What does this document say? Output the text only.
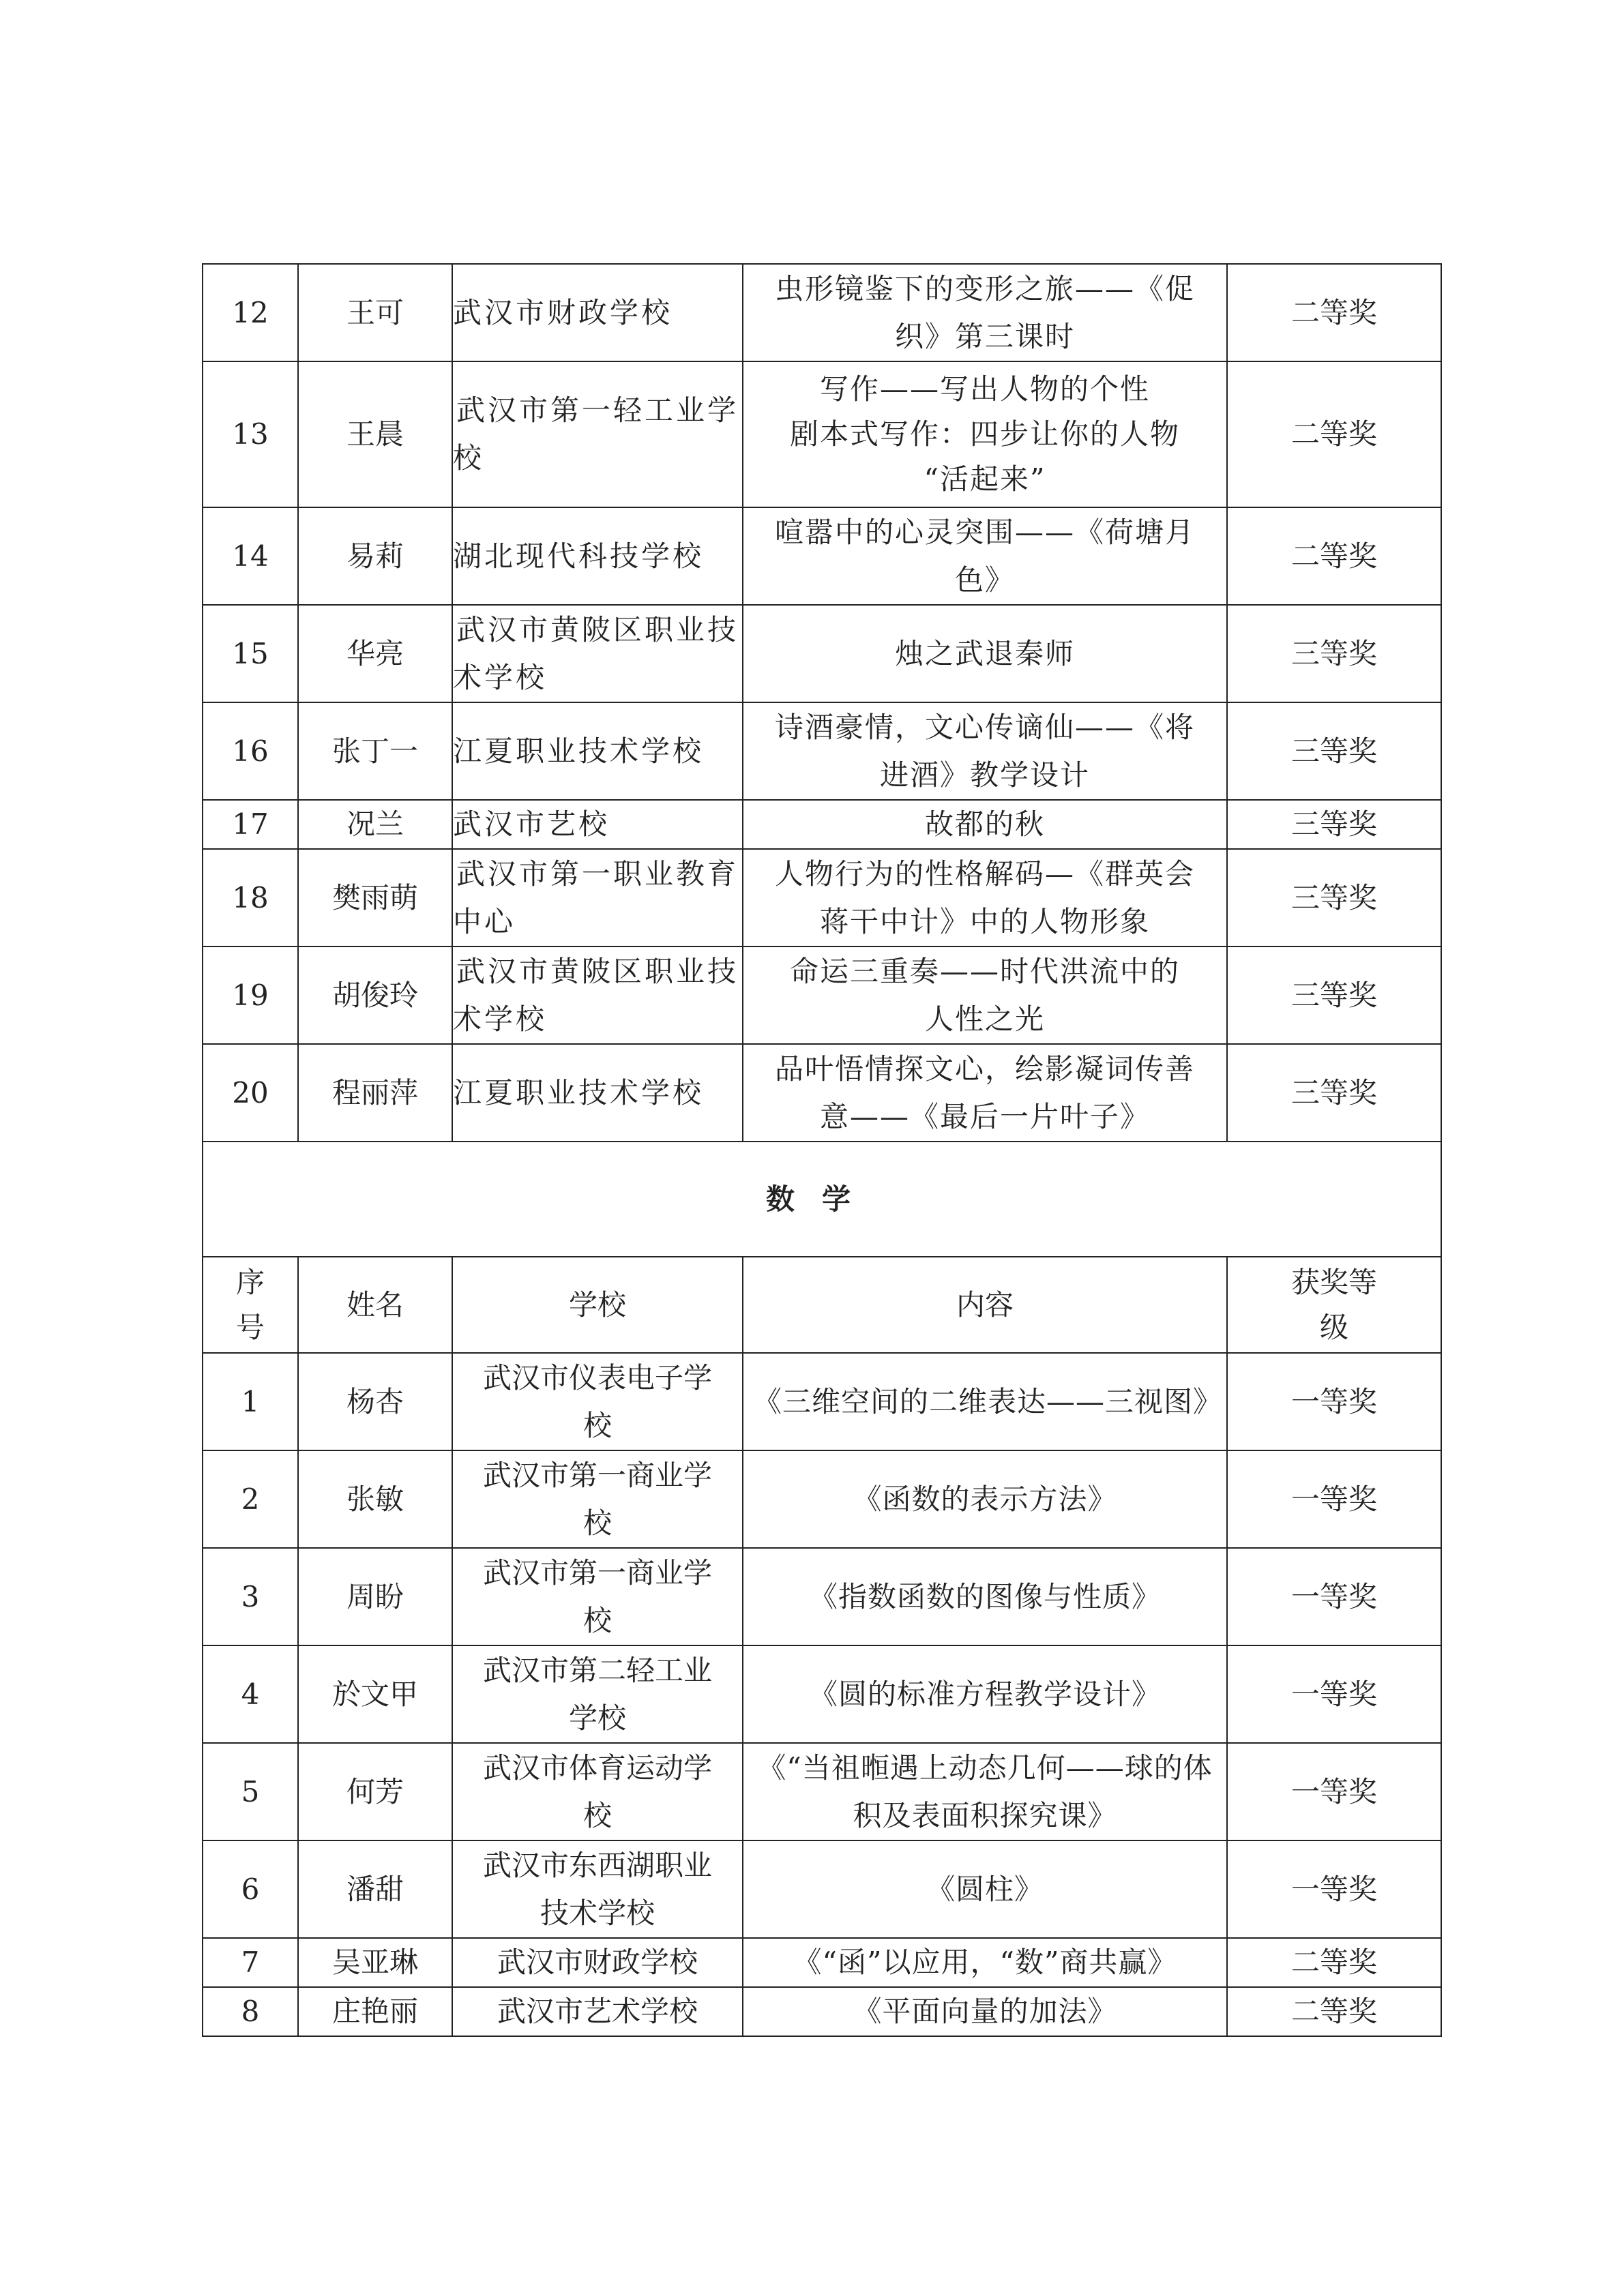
12	王可	武汉市财政学校	虫形镜鉴下的变形之旅——《促
织》第三课时	二等奖
13	王晨	武汉市第一轻工业学校	写作——写出人物的个性
剧本式写作：四步让你的人物
“活起来”	二等奖
14	易莉	湖北现代科技学校	喧嚣中的心灵突围——《荷塘月
色》	二等奖
15	华亮	武汉市黄陂区职业技术学校	烛之武退秦师	三等奖
16	张丁一	江夏职业技术学校	诗酒豪情，文心传谪仙——《将
进酒》教学设计	三等奖
17	况兰	武汉市艺校	故都的秋	三等奖
18	樊雨萌	武汉市第一职业教育中心	人物行为的性格解码—《群英会
蒋干中计》中的人物形象	三等奖
19	胡俊玲	武汉市黄陂区职业技术学校	命运三重奏——时代洪流中的
人性之光	三等奖
20	程丽萍	江夏职业技术学校	品叶悟情探文心，绘影凝词传善
意——《最后一片叶子》	三等奖
数学				
序号	姓名	学校	内容	获奖等级
1	杨杏	武汉市仪表电子学校	《三维空间的二维表达——三视图》	一等奖
2	张敏	武汉市第一商业学校	《函数的表示方法》	一等奖
3	周盼	武汉市第一商业学校	《指数函数的图像与性质》	一等奖
4	於文甲	武汉市第二轻工业学校	《圆的标准方程教学设计》	一等奖
5	何芳	武汉市体育运动学校	《“当祖暅遇上动态几何——球的体积及表面积探究课》	一等奖
6	潘甜	武汉市东西湖职业技术学校	《圆柱》	一等奖
7	吴亚琳	武汉市财政学校	《“函”以应用，“数”商共赢》	二等奖
8	庄艳丽	武汉市艺术学校	《平面向量的加法》	二等奖
